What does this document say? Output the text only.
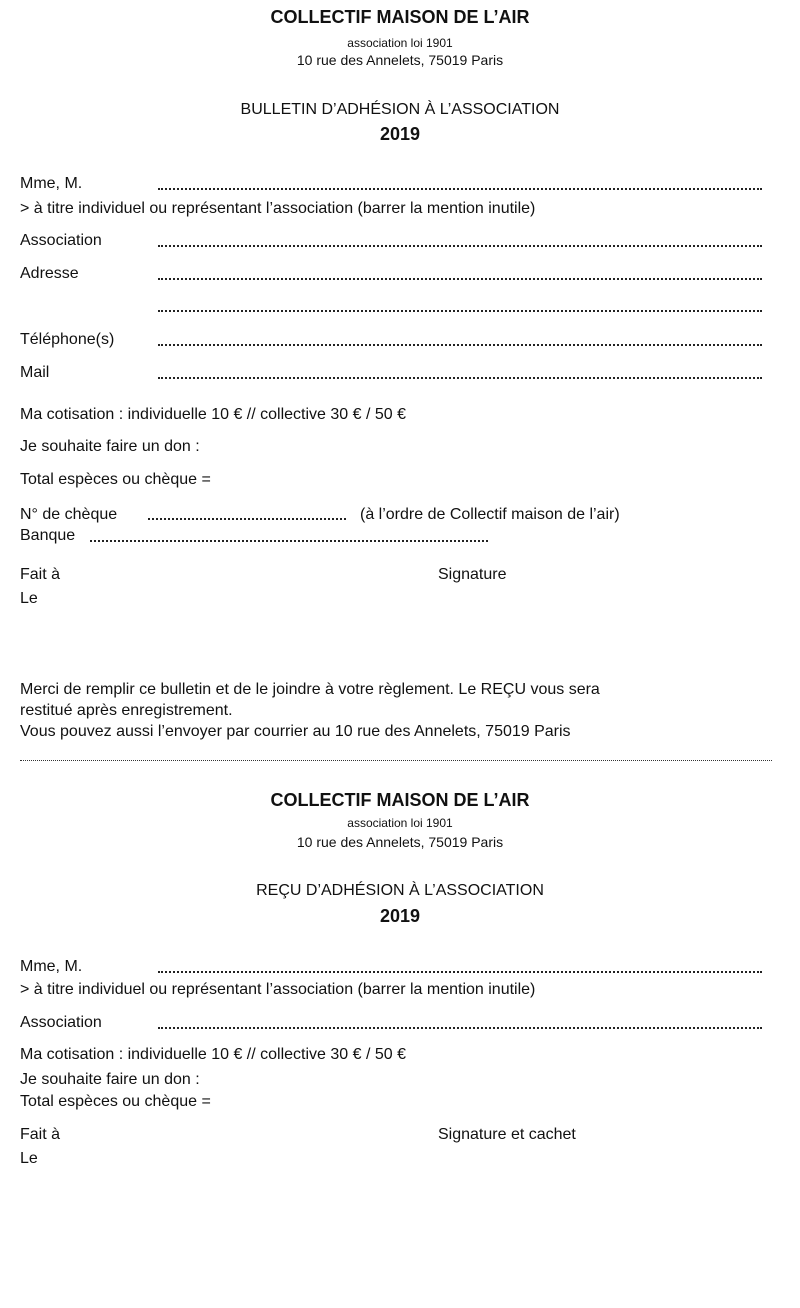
COLLECTIF MAISON DE L’AIR
association loi 1901
10 rue des Annelets, 75019 Paris
BULLETIN D’ADHÉSION À L’ASSOCIATION
2019
Mme, M.
> à titre individuel ou représentant l’association (barrer la mention inutile)
Association
Adresse
Téléphone(s)
Mail
Ma cotisation : individuelle 10 € // collective 30 € / 50 €
Je souhaite faire un don :
Total espèces ou chèque =
N° de chèque	(à l’ordre de Collectif maison de l’air)
Banque
Fait à	Signature
Le
Merci de remplir ce bulletin et de le joindre à votre règlement. Le REÇU vous sera
restitué après enregistrement.
Vous pouvez aussi l’envoyer par courrier au 10 rue des Annelets, 75019 Paris
COLLECTIF MAISON DE L’AIR
association loi 1901
10 rue des Annelets, 75019 Paris
REÇU D’ADHÉSION À L’ASSOCIATION
2019
Mme, M.
> à titre individuel ou représentant l’association (barrer la mention inutile)
Association
Ma cotisation : individuelle 10 € // collective 30 € / 50 €
Je souhaite faire un don :
Total espèces ou chèque =
Fait à	Signature et cachet
Le
